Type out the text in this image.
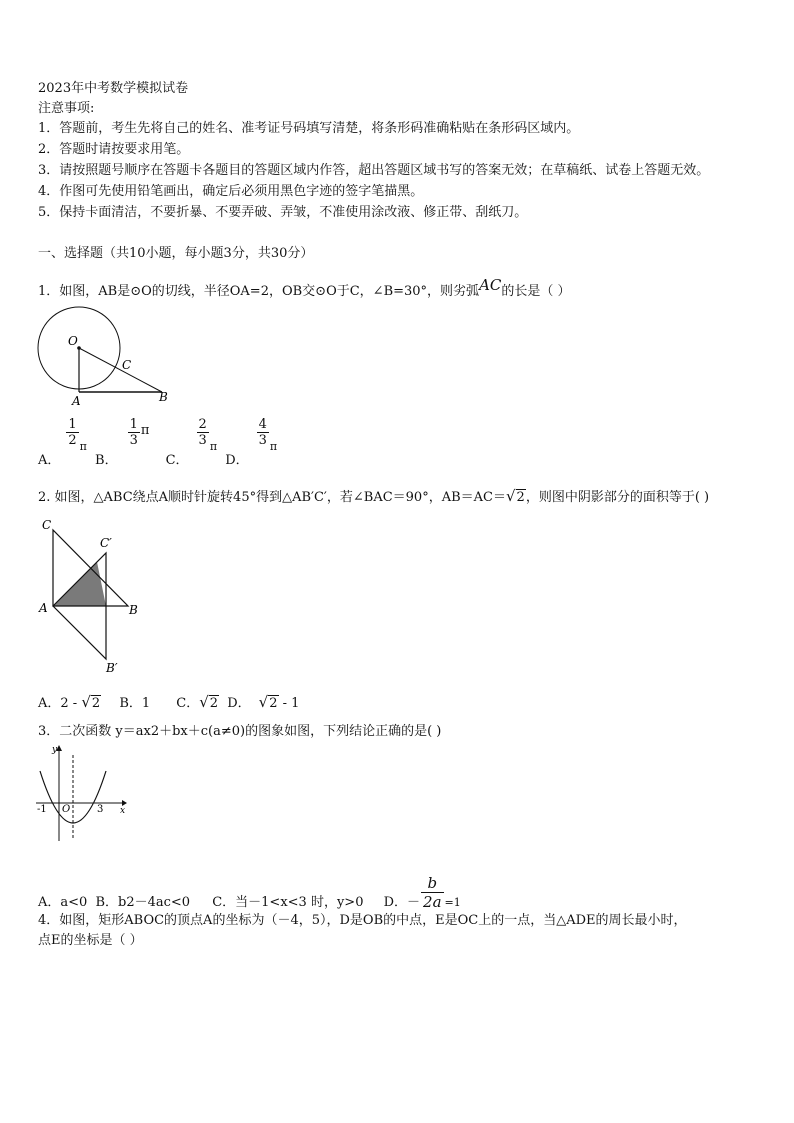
2023年中考数学模拟试卷
注意事项:
1．答题前，考生先将自己的姓名、准考证号码填写清楚，将条形码准确粘贴在条形码区域内。
2．答题时请按要求用笔。
3．请按照题号顺序在答题卡各题目的答题区域内作答，超出答题区域书写的答案无效；在草稿纸、试卷上答题无效。
4．作图可先使用铅笔画出，确定后必须用黑色字迹的签字笔描黑。
5．保持卡面清洁，不要折暴、不要弄破、弄皱，不准使用涂改液、修正带、刮纸刀。
一、选择题（共10小题，每小题3分，共30分）
1．如图，AB是⊙O的切线，半径OA=2，OB交⊙O于C，∠B=30°，则劣弧AC的长是（ ）
O
C
A	B
A．
$\frac{1}{2} _\pi$ B．
$\frac{1}{3}$ π C．
$\frac{2}{3} _\pi$ D．
$\frac{4}{3} _\pi$
2. 如图，△ABC绕点A顺时针旋转45°得到△AB′C′，若∠BAC＝90°，AB＝AC＝√2，则图中阴影部分的面积等于( )
C
C′
A	B
B′
A．2 - √2 B．1 C．√2 D． √2 - 1
3．二次函数 y＝ax2＋bx＋c(a≠0)的图象如图，下列结论正确的是( )
y
x
-1 O	3
A．a<0 B．b2－4ac<0 C．当－1<x<3 时，y>0 D．－ $\frac{b}{2a} =1$
4．如图，矩形ABOC的顶点A的坐标为（－4，5），D是OB的中点，E是OC上的一点，当△ADE的周长最小时，
点E的坐标是（ ）
